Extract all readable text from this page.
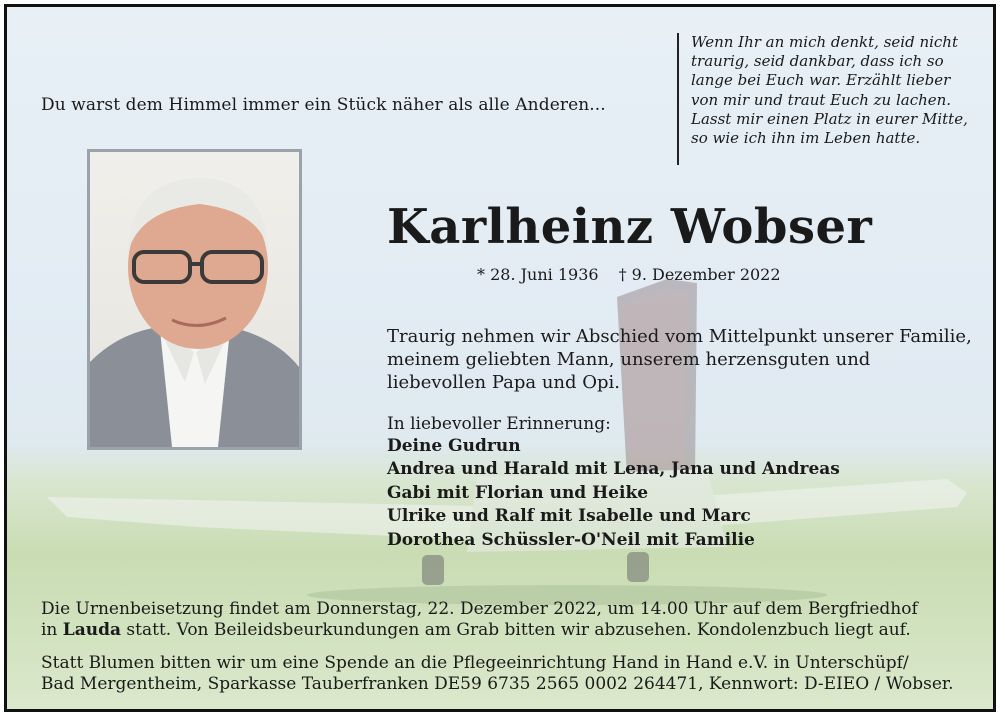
Du warst dem Himmel immer ein Stück näher als alle Anderen...
Wenn Ihr an mich denkt, seid nicht
traurig, seid dankbar, dass ich so
lange bei Euch war. Erzählt lieber
von mir und traut Euch zu lachen.
Lasst mir einen Platz in eurer Mitte,
so wie ich ihn im Leben hatte.
Karlheinz Wobser
* 28. Juni 1936 † 9. Dezember 2022
Traurig nehmen wir Abschied vom Mittelpunkt unserer Familie,
meinem geliebten Mann, unserem herzensguten und
liebevollen Papa und Opi.
In liebevoller Erinnerung:
Deine Gudrun
Andrea und Harald mit Lena, Jana und Andreas
Gabi mit Florian und Heike
Ulrike und Ralf mit Isabelle und Marc
Dorothea Schüssler-O'Neil mit Familie
Die Urnenbeisetzung findet am Donnerstag, 22. Dezember 2022, um 14.00 Uhr auf dem Bergfriedhof
in Lauda statt. Von Beileidsbeurkundungen am Grab bitten wir abzusehen. Kondolenzbuch liegt auf.
Statt Blumen bitten wir um eine Spende an die Pflegeeinrichtung Hand in Hand e.V. in Unterschüpf/
Bad Mergentheim, Sparkasse Tauberfranken DE59 6735 2565 0002 264471, Kennwort: D-EIEO / Wobser.
